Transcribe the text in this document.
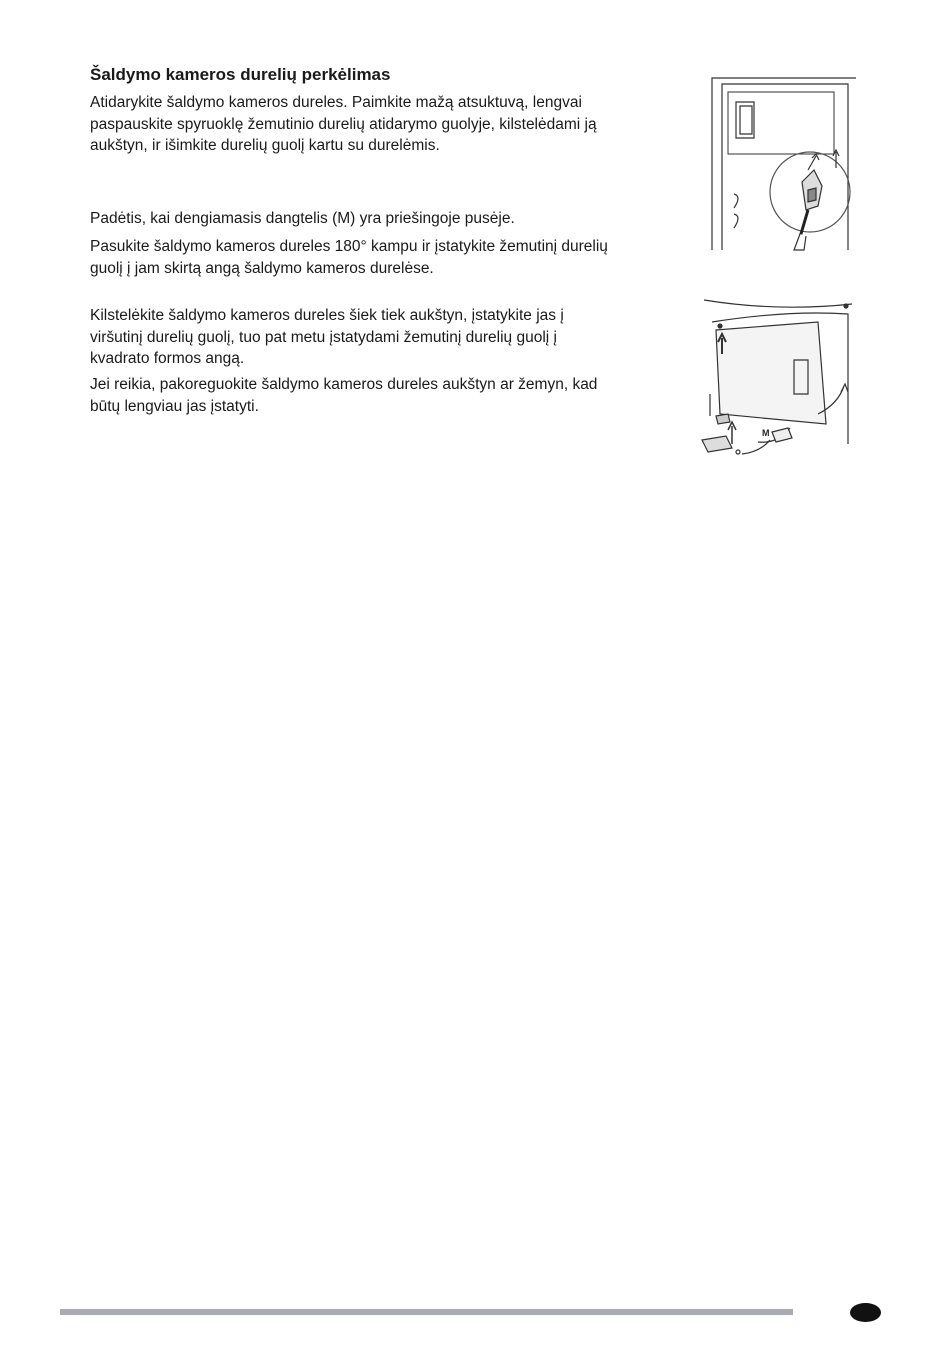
Šaldymo kameros durelių perkėlimas

Atidarykite šaldymo kameros dureles. Paimkite mažą atsuktuvą, lengvai paspauskite spyruoklę žemutinio durelių atidarymo guolyje, kilstelėdami ją aukštyn, ir išimkite durelių guolį kartu su durelėmis.

Padėtis, kai dengiamasis dangtelis (M) yra priešingoje pusėje.

Pasukite šaldymo kameros dureles 180° kampu ir įstatykite žemutinį durelių guolį į jam skirtą angą šaldymo kameros durelėse.

Kilstelėkite šaldymo kameros dureles šiek tiek aukštyn, įstatykite jas į viršutinį durelių guolį, tuo pat metu įstatydami žemutinį durelių guolį į kvadrato formos angą.

Jei reikia, pakoreguokite šaldymo kameros dureles aukštyn ar žemyn, kad būtų lengviau jas įstatyti.

M
